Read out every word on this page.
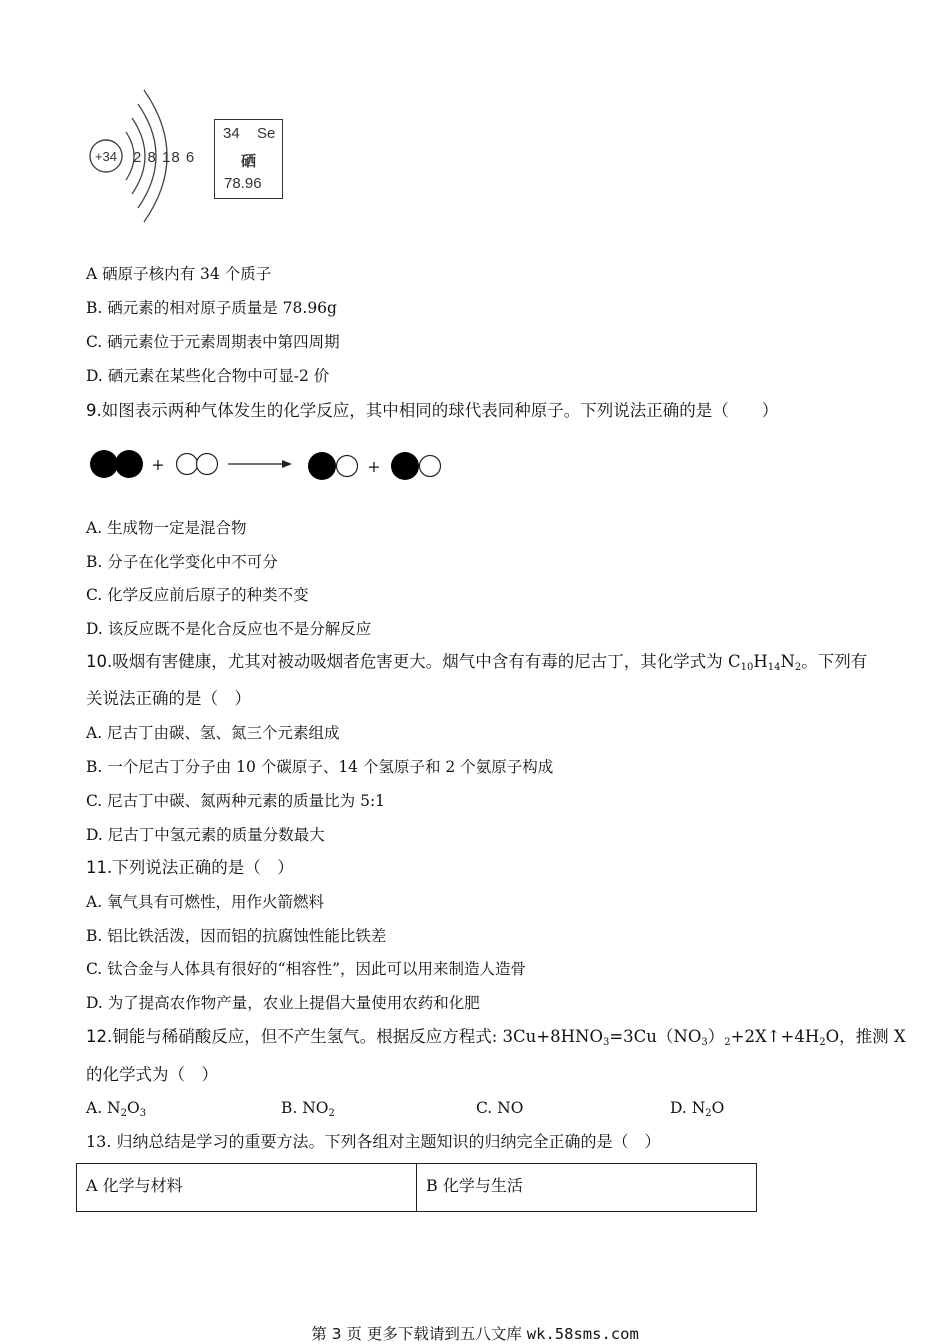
+34 2 8 18 6
34 Se
硒
78.96
A 硒原子核内有 34 个质子
B. 硒元素的相对原子质量是 78.96g
C. 硒元素位于元素周期表中第四周期
D. 硒元素在某些化合物中可显-2 价
9.如图表示两种气体发生的化学反应，其中相同的球代表同种原子。下列说法正确的是（　　）
+	+
A. 生成物一定是混合物
B. 分子在化学变化中不可分
C. 化学反应前后原子的种类不变
D. 该反应既不是化合反应也不是分解反应
10.吸烟有害健康，尤其对被动吸烟者危害更大。烟气中含有有毒的尼古丁，其化学式为 $C_{10}H_{14}N_2$。下列有
关说法正确的是（　）
A. 尼古丁由碳、氢、氮三个元素组成
B. 一个尼古丁分子由 10 个碳原子、14 个氢原子和 2 个氨原子构成
C. 尼古丁中碳、氮两种元素的质量比为 5:1
D. 尼古丁中氢元素的质量分数最大
11.下列说法正确的是（　）
A. 氧气具有可燃性，用作火箭燃料
B. 铝比铁活泼，因而铝的抗腐蚀性能比铁差
C. 钛合金与人体具有很好的“相容性”，因此可以用来制造人造骨
D. 为了提高农作物产量，农业上提倡大量使用农药和化肥
12.铜能与稀硝酸反应，但不产生氢气。根据反应方程式: $3Cu+8HNO_3=3Cu(NO_3)_2+2X↑+4H_2O$，推测 X
的化学式为（　）
A. $N_2O_3$	B. $NO_2$	C. NO	D. $N_2O$
13. 归纳总结是学习的重要方法。下列各组对主题知识的归纳完全正确的是（　）
A 化学与材料	B 化学与生活
第 3 页 更多下载请到五八文库 wk.58sms.com
